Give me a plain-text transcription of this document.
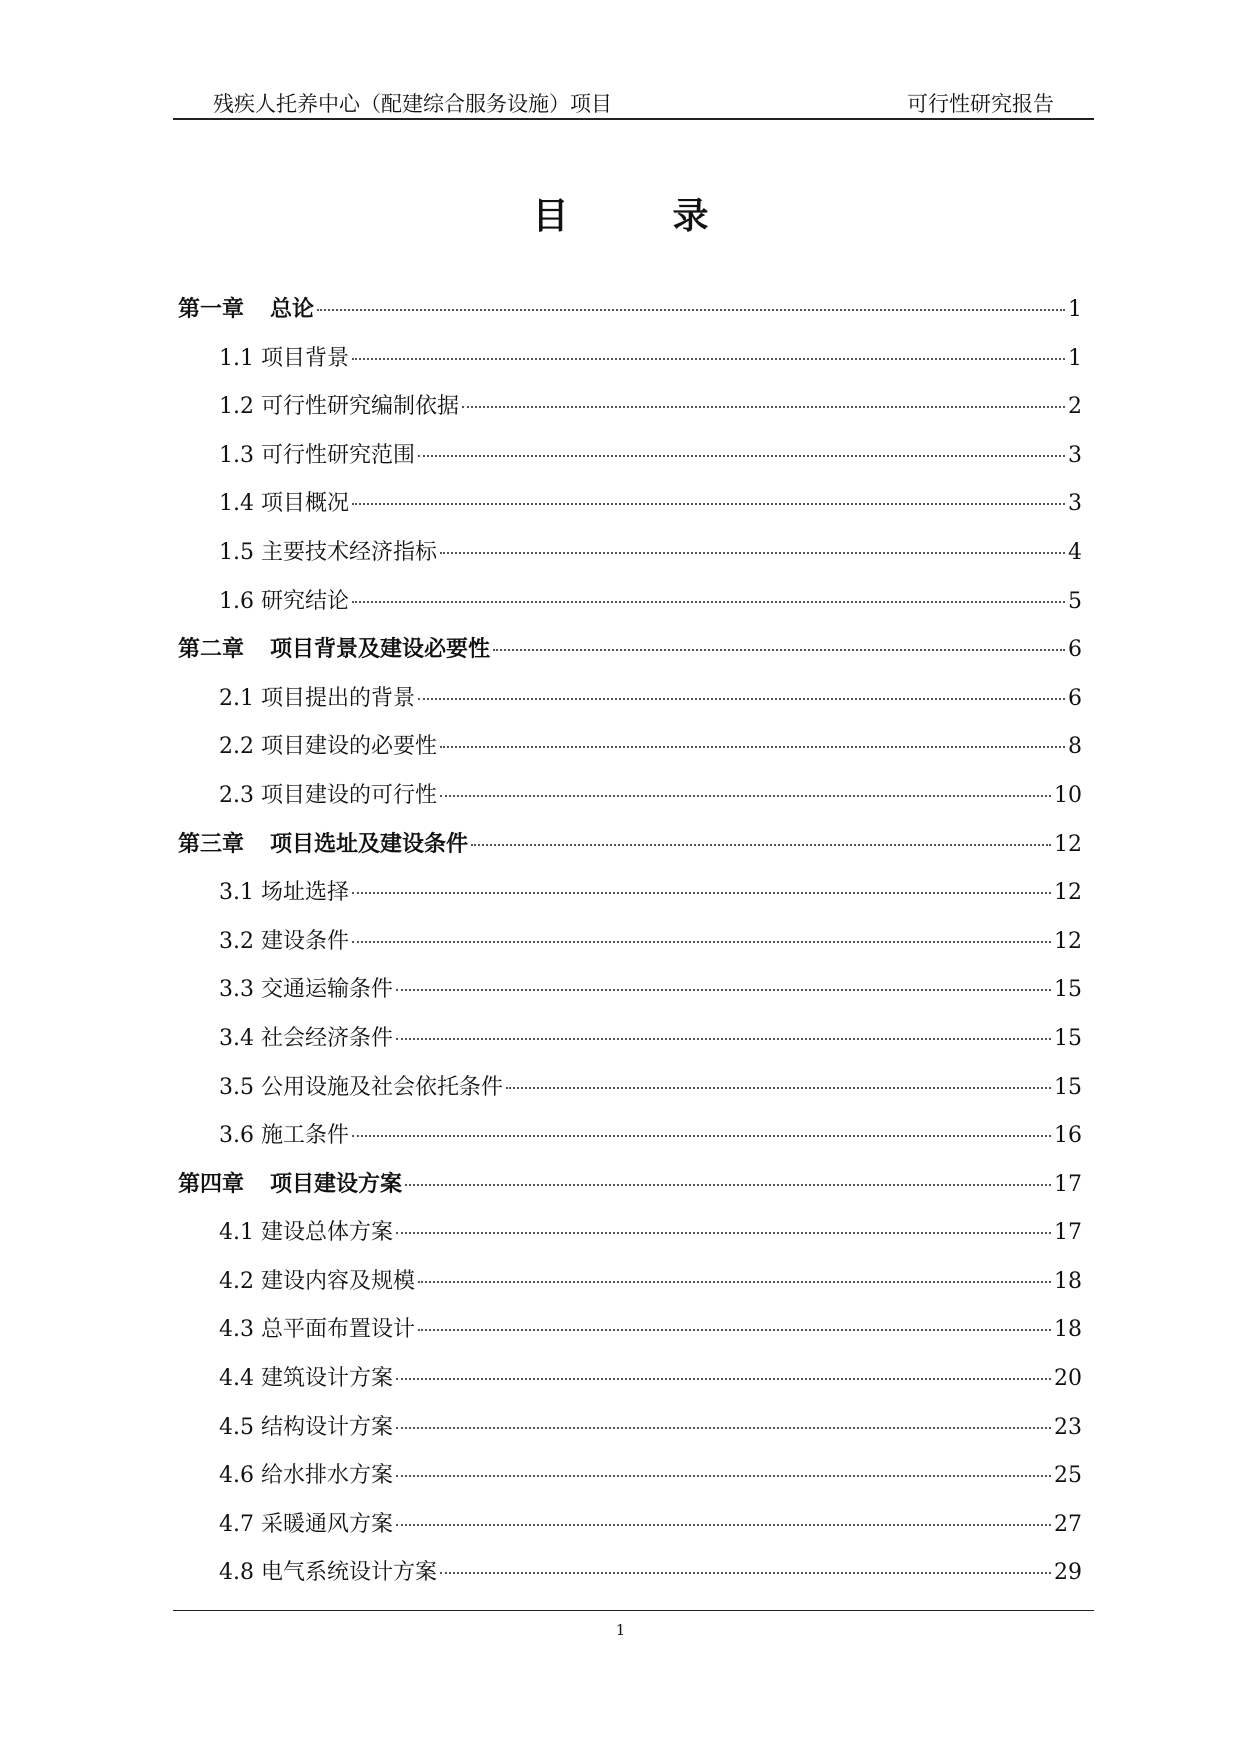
残疾人托养中心（配建综合服务设施）项目	可行性研究报告
目　录
第一章 总论	1
1.1 项目背景	1
1.2 可行性研究编制依据	2
1.3 可行性研究范围	3
1.4 项目概况	3
1.5 主要技术经济指标	4
1.6 研究结论	5
第二章 项目背景及建设必要性	6
2.1 项目提出的背景	6
2.2 项目建设的必要性	8
2.3 项目建设的可行性	10
第三章 项目选址及建设条件	12
3.1 场址选择	12
3.2 建设条件	12
3.3 交通运输条件	15
3.4 社会经济条件	15
3.5 公用设施及社会依托条件	15
3.6 施工条件	16
第四章 项目建设方案	17
4.1 建设总体方案	17
4.2 建设内容及规模	18
4.3 总平面布置设计	18
4.4 建筑设计方案	20
4.5 结构设计方案	23
4.6 给水排水方案	25
4.7 采暖通风方案	27
4.8 电气系统设计方案	29
1
